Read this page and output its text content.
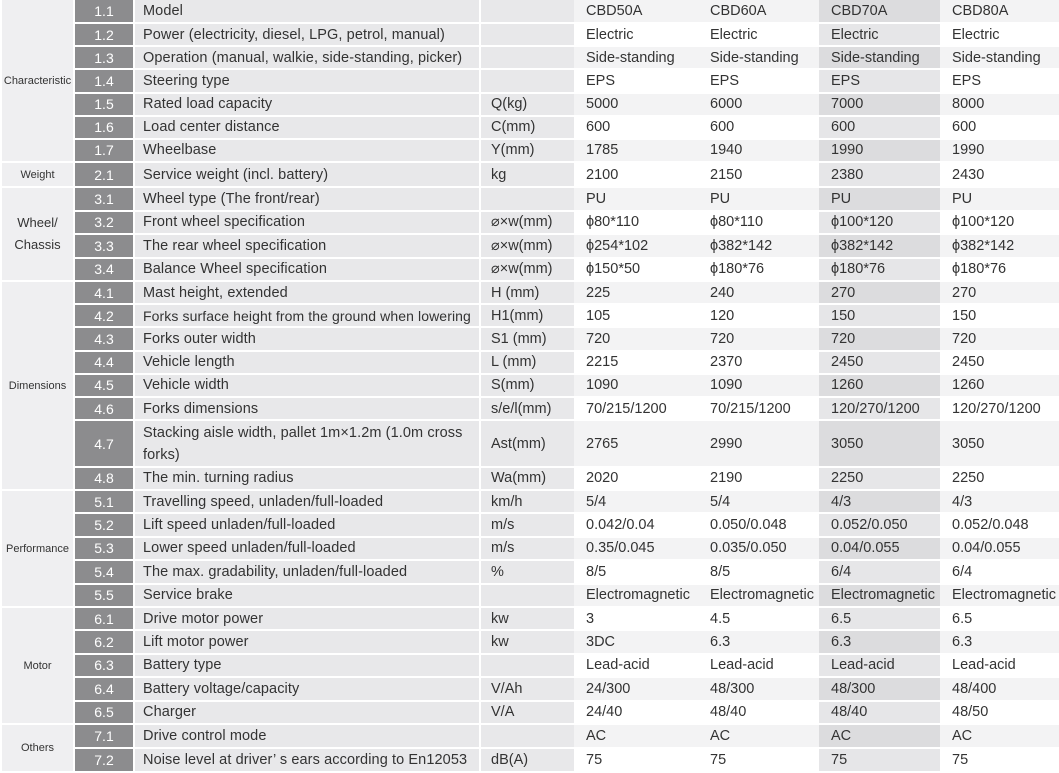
Characteristic	1.1	Model		CBD50A	CBD60A	CBD70A	CBD80A
	1.2	Power (electricity, diesel, LPG, petrol, manual)		Electric	Electric	Electric	Electric
	1.3	Operation (manual, walkie, side-standing, picker)		Side-standing	Side-standing	Side-standing	Side-standing
	1.4	Steering type		EPS	EPS	EPS	EPS
	1.5	Rated load capacity	Q(kg)	5000	6000	7000	8000
	1.6	Load center distance	C(mm)	600	600	600	600
	1.7	Wheelbase	Y(mm)	1785	1940	1990	1990
Weight	2.1	Service weight (incl. battery)	kg	2100	2150	2380	2430
Wheel/ Chassis	3.1	Wheel type (The front/rear)		PU	PU	PU	PU
	3.2	Front wheel specification	⌀×w(mm)	ϕ80*110	ϕ80*110	ϕ100*120	ϕ100*120
	3.3	The rear wheel specification	⌀×w(mm)	ϕ254*102	ϕ382*142	ϕ382*142	ϕ382*142
	3.4	Balance Wheel specification	⌀×w(mm)	ϕ150*50	ϕ180*76	ϕ180*76	ϕ180*76
Dimensions	4.1	Mast height, extended	H (mm)	225	240	270	270
	4.2	Forks surface height from the ground when lowering	H1(mm)	105	120	150	150
	4.3	Forks outer width	S1 (mm)	720	720	720	720
	4.4	Vehicle length	L (mm)	2215	2370	2450	2450
	4.5	Vehicle width	S(mm)	1090	1090	1260	1260
	4.6	Forks dimensions	s/e/l(mm)	70/215/1200	70/215/1200	120/270/1200	120/270/1200
	4.7	Stacking aisle width, pallet 1m×1.2m (1.0m cross forks)	Ast(mm)	2765	2990	3050	3050
	4.8	The min. turning radius	Wa(mm)	2020	2190	2250	2250
Performance	5.1	Travelling speed, unladen/full-loaded	km/h	5/4	5/4	4/3	4/3
	5.2	Lift speed unladen/full-loaded	m/s	0.042/0.04	0.050/0.048	0.052/0.050	0.052/0.048
	5.3	Lower speed unladen/full-loaded	m/s	0.35/0.045	0.035/0.050	0.04/0.055	0.04/0.055
	5.4	The max. gradability, unladen/full-loaded	%	8/5	8/5	6/4	6/4
	5.5	Service brake		Electromagnetic	Electromagnetic	Electromagnetic	Electromagnetic
Motor	6.1	Drive motor power	kw	3	4.5	6.5	6.5
	6.2	Lift motor power	kw	3DC	6.3	6.3	6.3
	6.3	Battery type		Lead-acid	Lead-acid	Lead-acid	Lead-acid
	6.4	Battery voltage/capacity	V/Ah	24/300	48/300	48/300	48/400
	6.5	Charger	V/A	24/40	48/40	48/40	48/50
Others	7.1	Drive control mode		AC	AC	AC	AC
	7.2	Noise level at driver’ s ears according to En12053	dB(A)	75	75	75	75
